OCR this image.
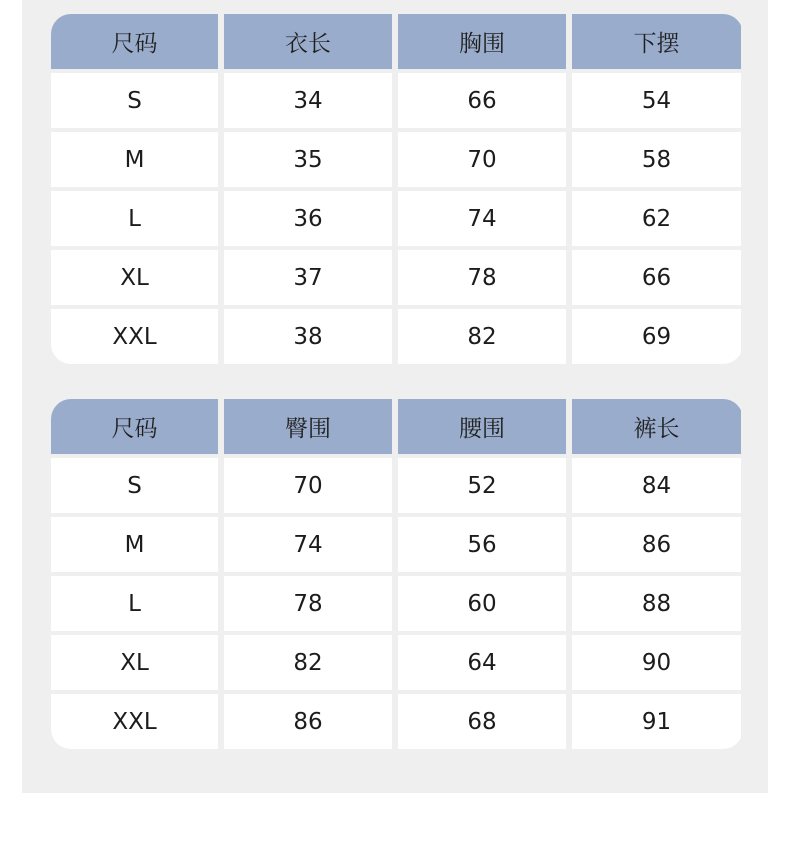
尺码	衣长	胸围	下摆
S	34	66	54
M	35	70	58
L	36	74	62
XL	37	78	66
XXL	38	82	69
尺码	臀围	腰围	裤长
S	70	52	84
M	74	56	86
L	78	60	88
XL	82	64	90
XXL	86	68	91
